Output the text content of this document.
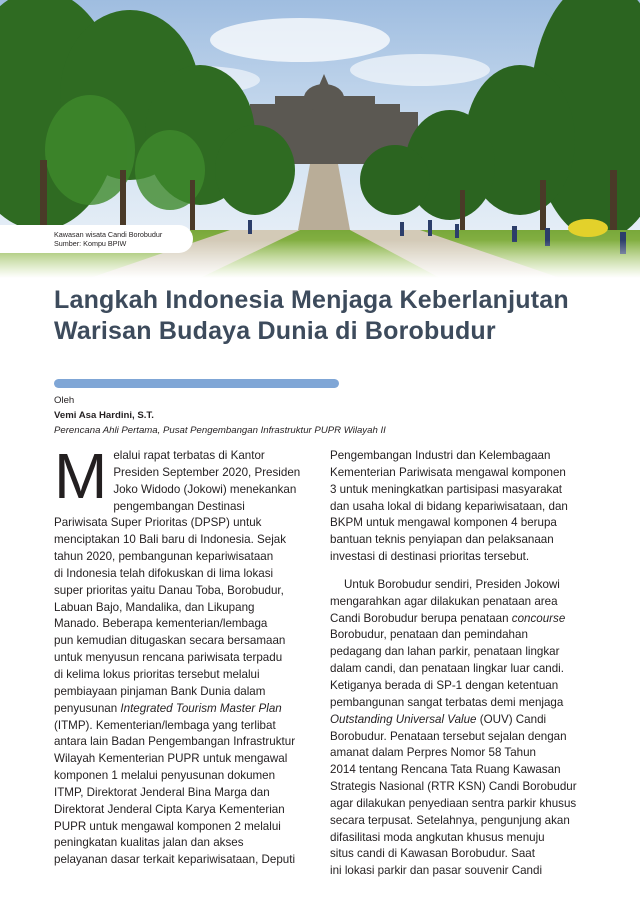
Kawasan wisata Candi Borobudur
Sumber: Kompu BPIW
Langkah Indonesia Menjaga Keberlanjutan Warisan Budaya Dunia di Borobudur
Oleh
Vemi Asa Hardini, S.T.
Perencana Ahli Pertama, Pusat Pengembangan Infrastruktur PUPR Wilayah II

M elalui rapat terbatas di Kantor
Presiden September 2020, Presiden
Joko Widodo (Jokowi) menekankan
pengembangan Destinasi
Pariwisata Super Prioritas (DPSP) untuk
menciptakan 10 Bali baru di Indonesia. Sejak
tahun 2020, pembangunan kepariwisataan
di Indonesia telah difokuskan di lima lokasi
super prioritas yaitu Danau Toba, Borobudur,
Labuan Bajo, Mandalika, dan Likupang
Manado. Beberapa kementerian/lembaga
pun kemudian ditugaskan secara bersamaan
untuk menyusun rencana pariwisata terpadu
di kelima lokus prioritas tersebut melalui
pembiayaan pinjaman Bank Dunia dalam
penyusunan Integrated Tourism Master Plan
(ITMP). Kementerian/lembaga yang terlibat
antara lain Badan Pengembangan Infrastruktur
Wilayah Kementerian PUPR untuk mengawal
komponen 1 melalui penyusunan dokumen
ITMP, Direktorat Jenderal Bina Marga dan
Direktorat Jenderal Cipta Karya Kementerian
PUPR untuk mengawal komponen 2 melalui
peningkatan kualitas jalan dan akses
pelayanan dasar terkait kepariwisataan, Deputi

Pengembangan Industri dan Kelembagaan
Kementerian Pariwisata mengawal komponen
3 untuk meningkatkan partisipasi masyarakat
dan usaha lokal di bidang kepariwisataan, dan
BKPM untuk mengawal komponen 4 berupa
bantuan teknis penyiapan dan pelaksanaan
investasi di destinasi prioritas tersebut.

Untuk Borobudur sendiri, Presiden Jokowi
mengarahkan agar dilakukan penataan area
Candi Borobudur berupa penataan concourse
Borobudur, penataan dan pemindahan
pedagang dan lahan parkir, penataan lingkar
dalam candi, dan penataan lingkar luar candi.
Ketiganya berada di SP-1 dengan ketentuan
pembangunan sangat terbatas demi menjaga
Outstanding Universal Value (OUV) Candi
Borobudur. Penataan tersebut sejalan dengan
amanat dalam Perpres Nomor 58 Tahun
2014 tentang Rencana Tata Ruang Kawasan
Strategis Nasional (RTR KSN) Candi Borobudur
agar dilakukan penyediaan sentra parkir khusus
secara terpusat. Setelahnya, pengunjung akan
difasilitasi moda angkutan khusus menuju
situs candi di Kawasan Borobudur. Saat
ini lokasi parkir dan pasar souvenir Candi
